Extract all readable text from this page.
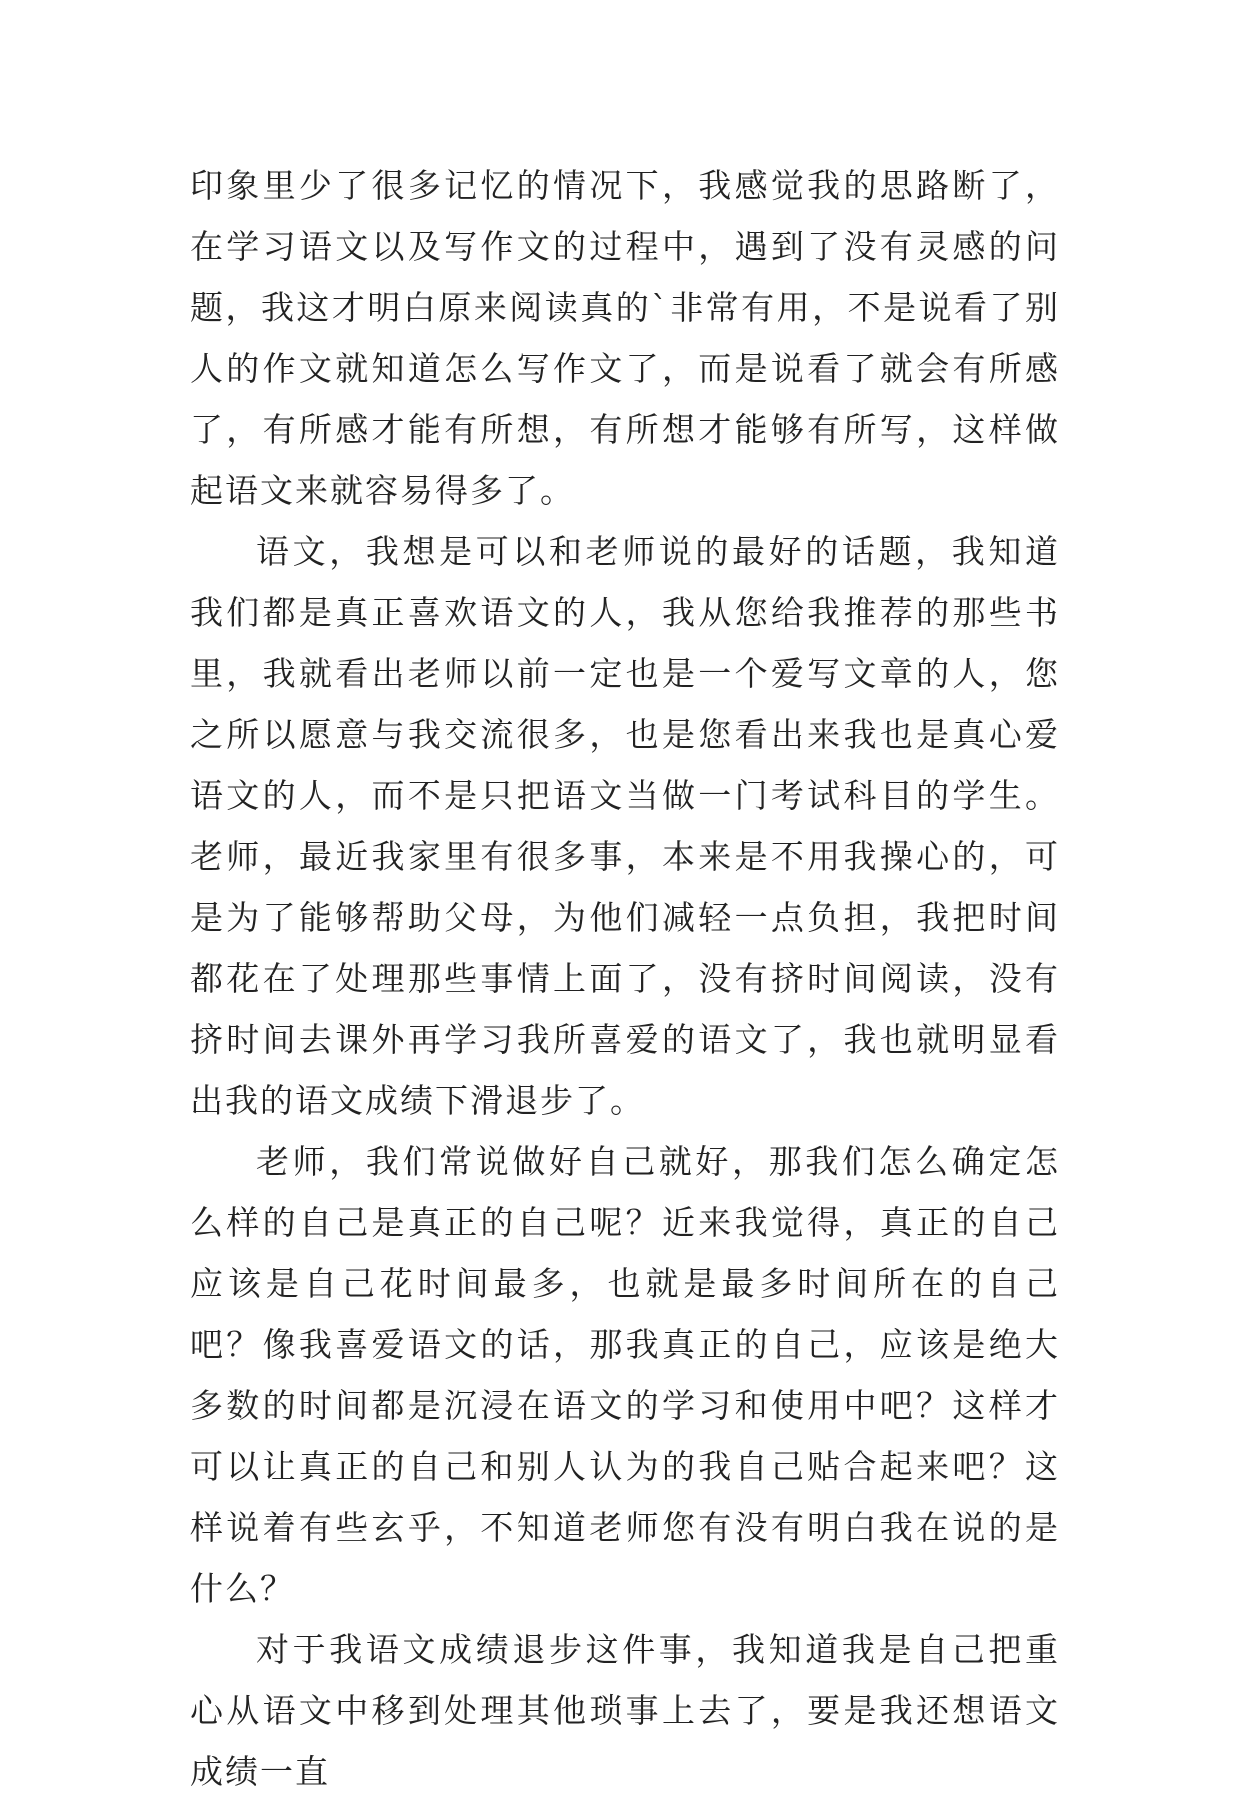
印象里少了很多记忆的情况下，我感觉我的思路断了，在学习语文以及写作文的过程中，遇到了没有灵感的问题，我这才明白原来阅读真的`非常有用，不是说看了别人的作文就知道怎么写作文了，而是说看了就会有所感了，有所感才能有所想，有所想才能够有所写，这样做起语文来就容易得多了。

语文，我想是可以和老师说的最好的话题，我知道我们都是真正喜欢语文的人，我从您给我推荐的那些书里，我就看出老师以前一定也是一个爱写文章的人，您之所以愿意与我交流很多，也是您看出来我也是真心爱语文的人，而不是只把语文当做一门考试科目的学生。老师，最近我家里有很多事，本来是不用我操心的，可是为了能够帮助父母，为他们减轻一点负担，我把时间都花在了处理那些事情上面了，没有挤时间阅读，没有挤时间去课外再学习我所喜爱的语文了，我也就明显看出我的语文成绩下滑退步了。

老师，我们常说做好自己就好，那我们怎么确定怎么样的自己是真正的自己呢？近来我觉得，真正的自己应该是自己花时间最多，也就是最多时间所在的自己吧？像我喜爱语文的话，那我真正的自己，应该是绝大多数的时间都是沉浸在语文的学习和使用中吧？这样才可以让真正的自己和别人认为的我自己贴合起来吧？这样说着有些玄乎，不知道老师您有没有明白我在说的是什么？

对于我语文成绩退步这件事，我知道我是自己把重心从语文中移到处理其他琐事上去了，要是我还想语文成绩一直
